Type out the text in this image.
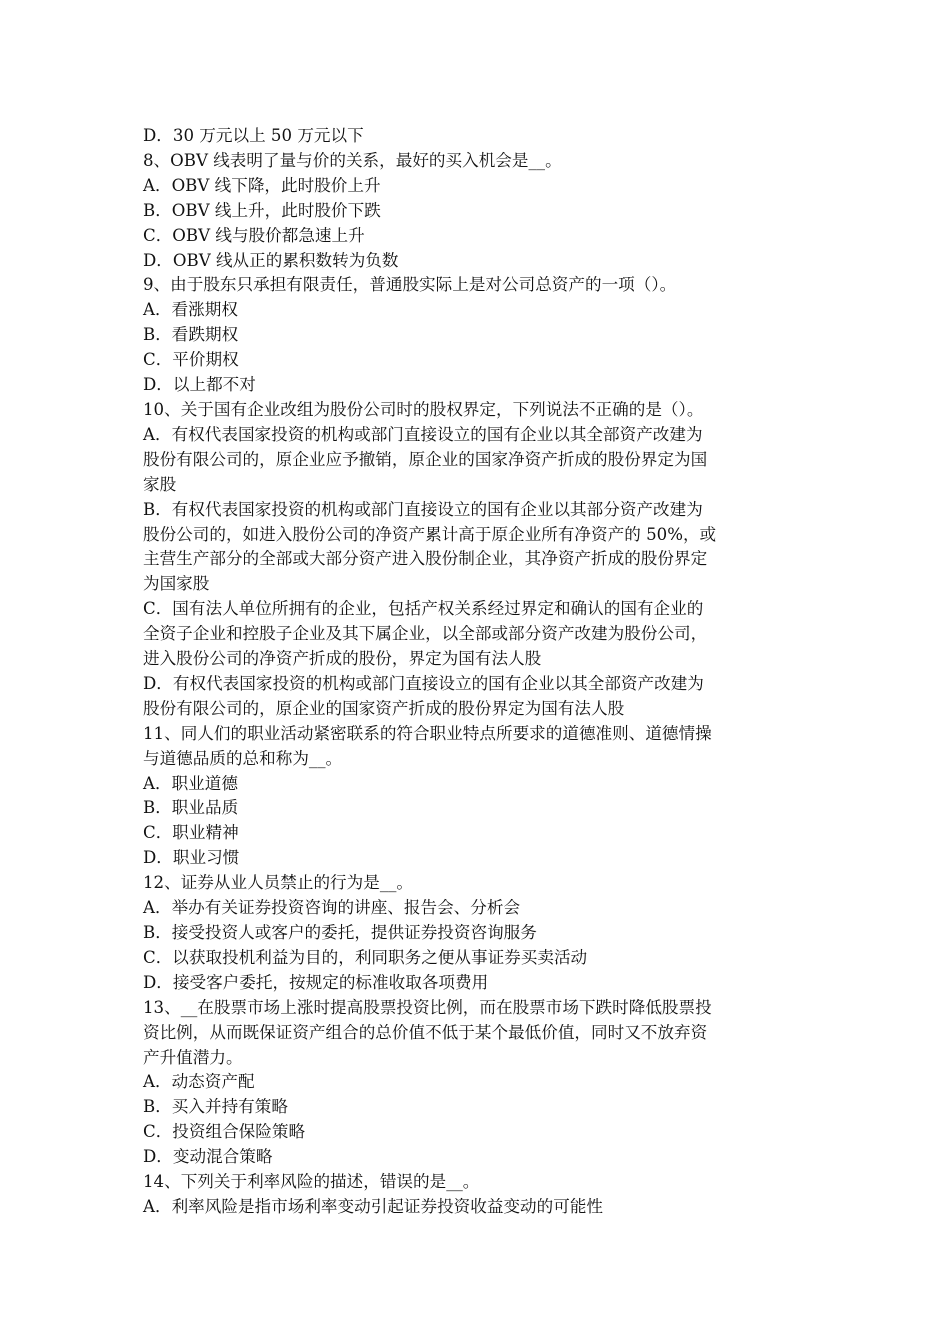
D．30 万元以上 50 万元以下
8、OBV 线表明了量与价的关系，最好的买入机会是__。
A．OBV 线下降，此时股价上升
B．OBV 线上升，此时股价下跌
C．OBV 线与股价都急速上升
D．OBV 线从正的累积数转为负数
9、由于股东只承担有限责任，普通股实际上是对公司总资产的一项（）。
A．看涨期权
B．看跌期权
C．平价期权
D．以上都不对
10、关于国有企业改组为股份公司时的股权界定，下列说法不正确的是（）。
A．有权代表国家投资的机构或部门直接设立的国有企业以其全部资产改建为
股份有限公司的，原企业应予撤销，原企业的国家净资产折成的股份界定为国
家股
B．有权代表国家投资的机构或部门直接设立的国有企业以其部分资产改建为
股份公司的，如进入股份公司的净资产累计高于原企业所有净资产的 50%，或
主营生产部分的全部或大部分资产进入股份制企业，其净资产折成的股份界定
为国家股
C．国有法人单位所拥有的企业，包括产权关系经过界定和确认的国有企业的
全资子企业和控股子企业及其下属企业，以全部或部分资产改建为股份公司，
进入股份公司的净资产折成的股份，界定为国有法人股
D．有权代表国家投资的机构或部门直接设立的国有企业以其全部资产改建为
股份有限公司的，原企业的国家资产折成的股份界定为国有法人股
11、同人们的职业活动紧密联系的符合职业特点所要求的道德准则、道德情操
与道德品质的总和称为__。
A．职业道德
B．职业品质
C．职业精神
D．职业习惯
12、证券从业人员禁止的行为是__。
A．举办有关证券投资咨询的讲座、报告会、分析会
B．接受投资人或客户的委托，提供证券投资咨询服务
C．以获取投机利益为目的，利同职务之便从事证券买卖活动
D．接受客户委托，按规定的标准收取各项费用
13、__在股票市场上涨时提高股票投资比例，而在股票市场下跌时降低股票投
资比例，从而既保证资产组合的总价值不低于某个最低价值，同时又不放弃资
产升值潜力。
A．动态资产配
B．买入并持有策略
C．投资组合保险策略
D．变动混合策略
14、下列关于利率风险的描述，错误的是__。
A．利率风险是指市场利率变动引起证券投资收益变动的可能性
